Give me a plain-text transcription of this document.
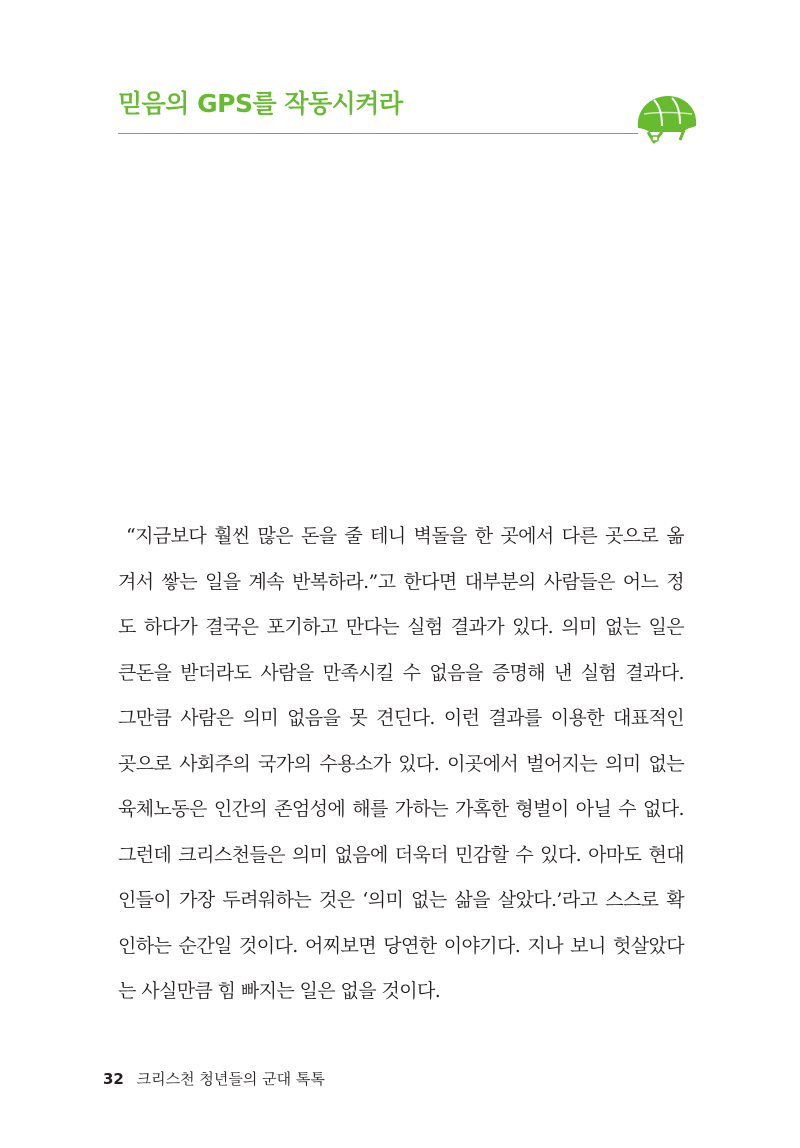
믿음의 GPS를 작동시켜라
“지금보다 훨씬 많은 돈을 줄 테니 벽돌을 한 곳에서 다른 곳으로 옮
겨서 쌓는 일을 계속 반복하라.”고 한다면 대부분의 사람들은 어느 정
도 하다가 결국은 포기하고 만다는 실험 결과가 있다. 의미 없는 일은
큰돈을 받더라도 사람을 만족시킬 수 없음을 증명해 낸 실험 결과다.
그만큼 사람은 의미 없음을 못 견딘다. 이런 결과를 이용한 대표적인
곳으로 사회주의 국가의 수용소가 있다. 이곳에서 벌어지는 의미 없는
육체노동은 인간의 존엄성에 해를 가하는 가혹한 형벌이 아닐 수 없다.
그런데 크리스천들은 의미 없음에 더욱더 민감할 수 있다. 아마도 현대
인들이 가장 두려워하는 것은 ‘의미 없는 삶을 살았다.’라고 스스로 확
인하는 순간일 것이다. 어찌보면 당연한 이야기다. 지나 보니 헛살았다
는 사실만큼 힘 빠지는 일은 없을 것이다.
32 크리스천 청년들의 군대 톡톡
